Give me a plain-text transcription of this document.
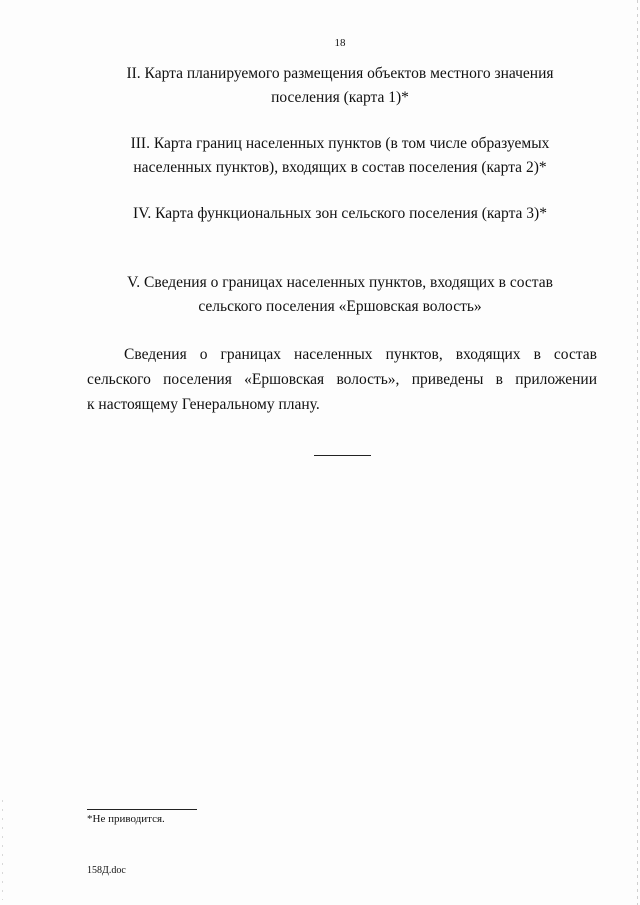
18
II. Карта планируемого размещения объектов местного значения
поселения (карта 1)*
III. Карта границ населенных пунктов (в том числе образуемых
населенных пунктов), входящих в состав поселения (карта 2)*
IV. Карта функциональных зон сельского поселения (карта 3)*
V. Сведения о границах населенных пунктов, входящих в состав
сельского поселения «Ершовская волость»
Сведения о границах населенных пунктов, входящих в состав
сельского поселения «Ершовская волость», приведены в приложении
к настоящему Генеральному плану.
*Не приводится.
158Д.doc
